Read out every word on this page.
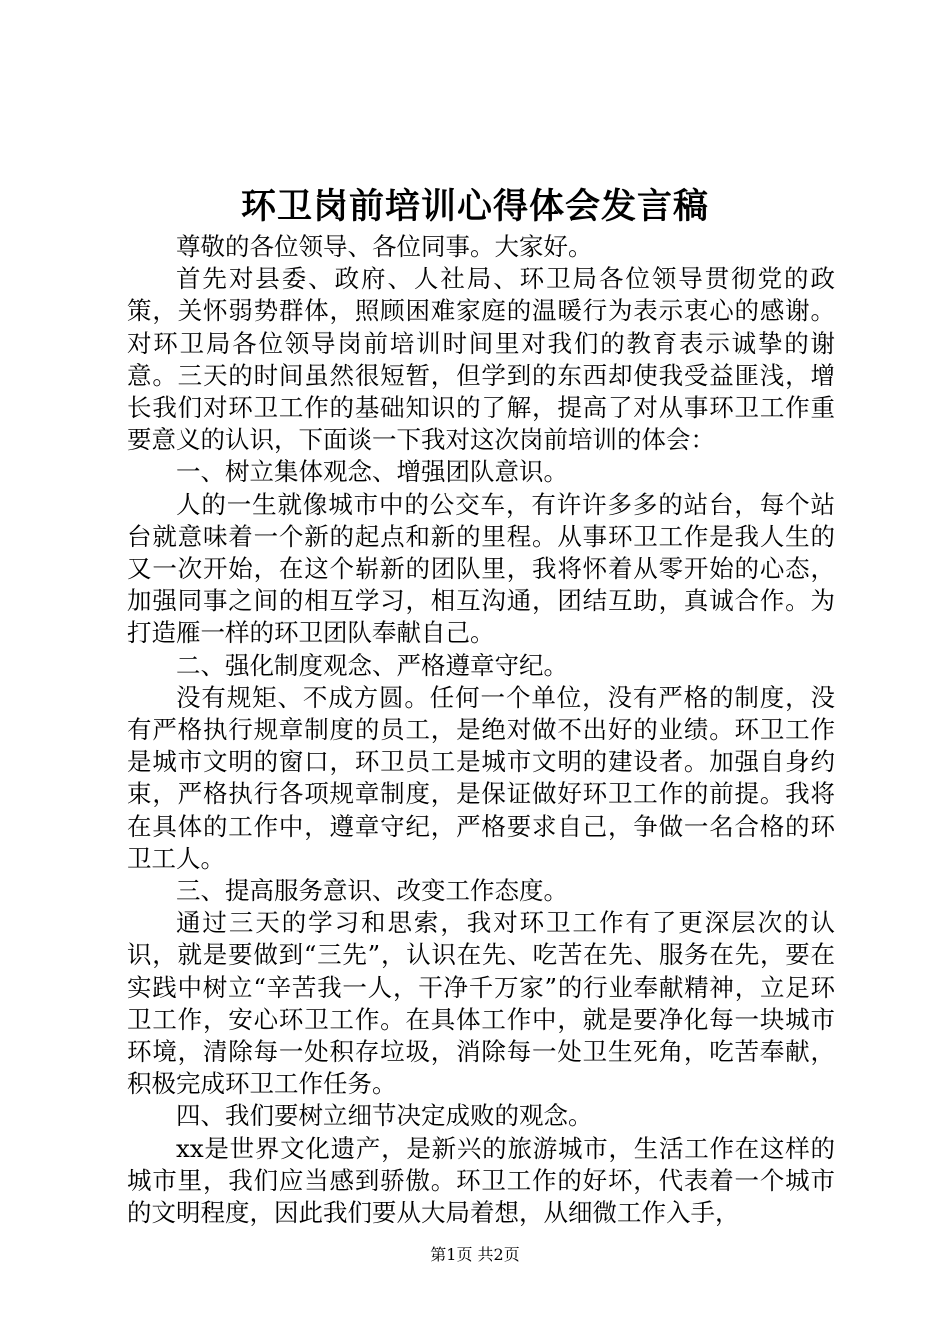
环卫岗前培训心得体会发言稿

尊敬的各位领导、各位同事。大家好。

首先对县委、政府、人社局、环卫局各位领导贯彻党的政策，关怀弱势群体，照顾困难家庭的温暖行为表示衷心的感谢。对环卫局各位领导岗前培训时间里对我们的教育表示诚挚的谢意。三天的时间虽然很短暂，但学到的东西却使我受益匪浅，增长我们对环卫工作的基础知识的了解，提高了对从事环卫工作重要意义的认识，下面谈一下我对这次岗前培训的体会：

一、树立集体观念、增强团队意识。

人的一生就像城市中的公交车，有许许多多的站台，每个站台就意味着一个新的起点和新的里程。从事环卫工作是我人生的又一次开始，在这个崭新的团队里，我将怀着从零开始的心态，加强同事之间的相互学习，相互沟通，团结互助，真诚合作。为打造雁一样的环卫团队奉献自己。

二、强化制度观念、严格遵章守纪。

没有规矩、不成方圆。任何一个单位，没有严格的制度，没有严格执行规章制度的员工，是绝对做不出好的业绩。环卫工作是城市文明的窗口，环卫员工是城市文明的建设者。加强自身约束，严格执行各项规章制度，是保证做好环卫工作的前提。我将在具体的工作中，遵章守纪，严格要求自己，争做一名合格的环卫工人。

三、提高服务意识、改变工作态度。

通过三天的学习和思索，我对环卫工作有了更深层次的认识，就是要做到“三先”，认识在先、吃苦在先、服务在先，要在实践中树立“辛苦我一人，干净千万家”的行业奉献精神，立足环卫工作，安心环卫工作。在具体工作中，就是要净化每一块城市环境，清除每一处积存垃圾，消除每一处卫生死角，吃苦奉献，积极完成环卫工作任务。

四、我们要树立细节决定成败的观念。

xx是世界文化遗产，是新兴的旅游城市，生活工作在这样的城市里，我们应当感到骄傲。环卫工作的好坏，代表着一个城市的文明程度，因此我们要从大局着想，从细微工作入手，

第1页 共2页
